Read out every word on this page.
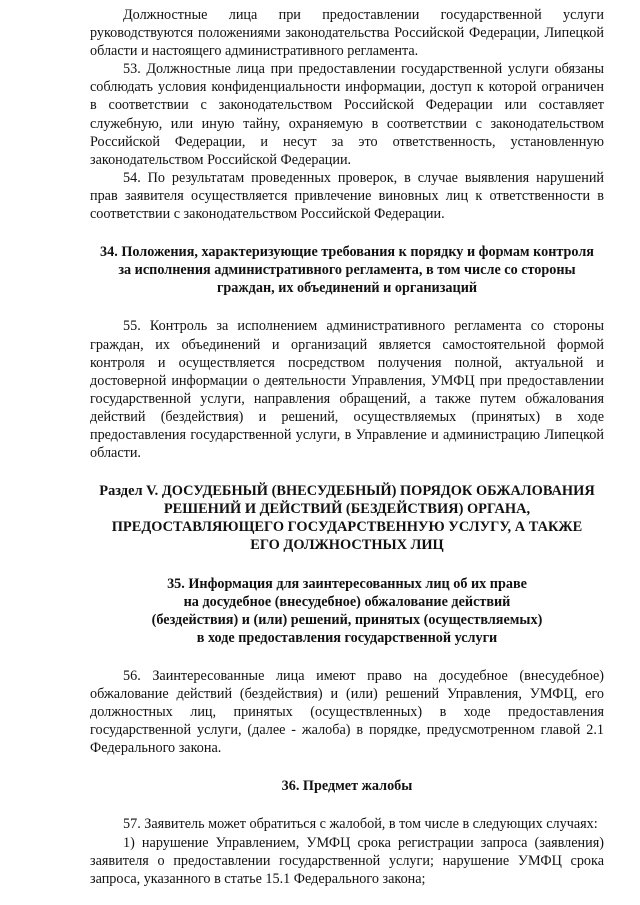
Должностные лица при предоставлении государственной услуги руководствуются положениями законодательства Российской Федерации, Липецкой области и настоящего административного регламента.

53. Должностные лица при предоставлении государственной услуги обязаны соблюдать условия конфиденциальности информации, доступ к которой ограничен в соответствии с законодательством Российской Федерации или составляет служебную, или иную тайну, охраняемую в соответствии с законодательством Российской Федерации, и несут за это ответственность, установленную законодательством Российской Федерации.

54. По результатам проведенных проверок, в случае выявления нарушений прав заявителя осуществляется привлечение виновных лиц к ответственности в соответствии с законодательством Российской Федерации.

34. Положения, характеризующие требования к порядку и формам контроля за исполнения административного регламента, в том числе со стороны граждан, их объединений и организаций

55. Контроль за исполнением административного регламента со стороны граждан, их объединений и организаций является самостоятельной формой контроля и осуществляется посредством получения полной, актуальной и достоверной информации о деятельности Управления, УМФЦ при предоставлении государственной услуги, направления обращений, а также путем обжалования действий (бездействия) и решений, осуществляемых (принятых) в ходе предоставления государственной услуги, в Управление и администрацию Липецкой области.

Раздел V. ДОСУДЕБНЫЙ (ВНЕСУДЕБНЫЙ) ПОРЯДОК ОБЖАЛОВАНИЯ РЕШЕНИЙ И ДЕЙСТВИЙ (БЕЗДЕЙСТВИЯ) ОРГАНА, ПРЕДОСТАВЛЯЮЩЕГО ГОСУДАРСТВЕННУЮ УСЛУГУ, А ТАКЖЕ ЕГО ДОЛЖНОСТНЫХ ЛИЦ

35. Информация для заинтересованных лиц об их праве

на досудебное (внесудебное) обжалование действий

(бездействия) и (или) решений, принятых (осуществляемых)

в ходе предоставления государственной услуги

56. Заинтересованные лица имеют право на досудебное (внесудебное) обжалование действий (бездействия) и (или) решений Управления, УМФЦ, его должностных лиц, принятых (осуществленных) в ходе предоставления государственной услуги, (далее - жалоба) в порядке, предусмотренном главой 2.1 Федерального закона.

36. Предмет жалобы

57. Заявитель может обратиться с жалобой, в том числе в следующих случаях:

1) нарушение Управлением, УМФЦ срока регистрации запроса (заявления) заявителя о предоставлении государственной услуги; нарушение УМФЦ срока запроса, указанного в статье 15.1 Федерального закона;
